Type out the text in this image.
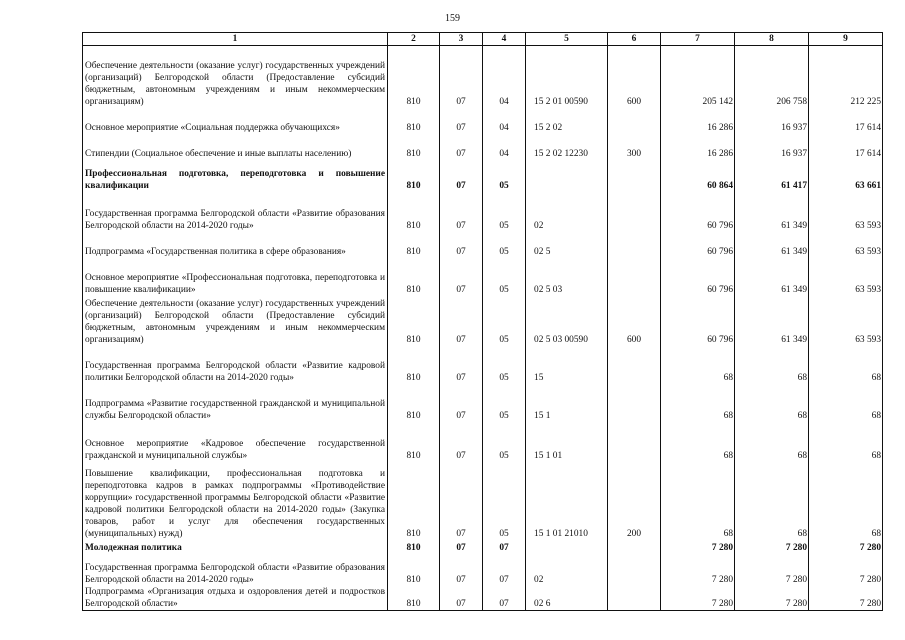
159
1	2	3	4	5	6	7	8	9
Обеспечение деятельности (оказание услуг) государственных учреждений (организаций) Белгородской области (Предоставление субсидий бюджетным, автономным учреждениям и иным некоммерческим организациям)	810	07	04	15 2 01 00590	600	205 142	206 758	212 225
Основное мероприятие «Социальная поддержка обучающихся»	810	07	04	15 2 02		16 286	16 937	17 614
Стипендии (Социальное обеспечение и иные выплаты населению)	810	07	04	15 2 02 12230	300	16 286	16 937	17 614
Профессиональная подготовка, переподготовка и повышение квалификации	810	07	05			60 864	61 417	63 661
Государственная программа Белгородской области «Развитие образования Белгородской области на 2014-2020 годы»	810	07	05	02		60 796	61 349	63 593
Подпрограмма «Государственная политика в сфере образования»	810	07	05	02 5		60 796	61 349	63 593
Основное мероприятие «Профессиональная подготовка, переподготовка и повышение квалификации»	810	07	05	02 5 03		60 796	61 349	63 593
Обеспечение деятельности (оказание услуг) государственных учреждений (организаций) Белгородской области (Предоставление субсидий бюджетным, автономным учреждениям и иным некоммерческим организациям)	810	07	05	02 5 03 00590	600	60 796	61 349	63 593
Государственная программа Белгородской области «Развитие кадровой политики Белгородской области на 2014-2020 годы»	810	07	05	15		68	68	68
Подпрограмма «Развитие государственной гражданской и муниципальной службы Белгородской области»	810	07	05	15 1		68	68	68
Основное мероприятие «Кадровое обеспечение государственной гражданской и муниципальной службы»	810	07	05	15 1 01		68	68	68
Повышение квалификации, профессиональная подготовка и переподготовка кадров в рамках подпрограммы «Противодействие коррупции» государственной программы Белгородской области «Развитие кадровой политики Белгородской области на 2014-2020 годы» (Закупка товаров, работ и услуг для обеспечения государственных (муниципальных) нужд)	810	07	05	15 1 01 21010	200	68	68	68
Молодежная политика	810	07	07			7 280	7 280	7 280
Государственная программа Белгородской области «Развитие образования Белгородской области на 2014-2020 годы»	810	07	07	02		7 280	7 280	7 280
Подпрограмма «Организация отдыха и оздоровления детей и подростков Белгородской области»	810	07	07	02 6		7 280	7 280	7 280
